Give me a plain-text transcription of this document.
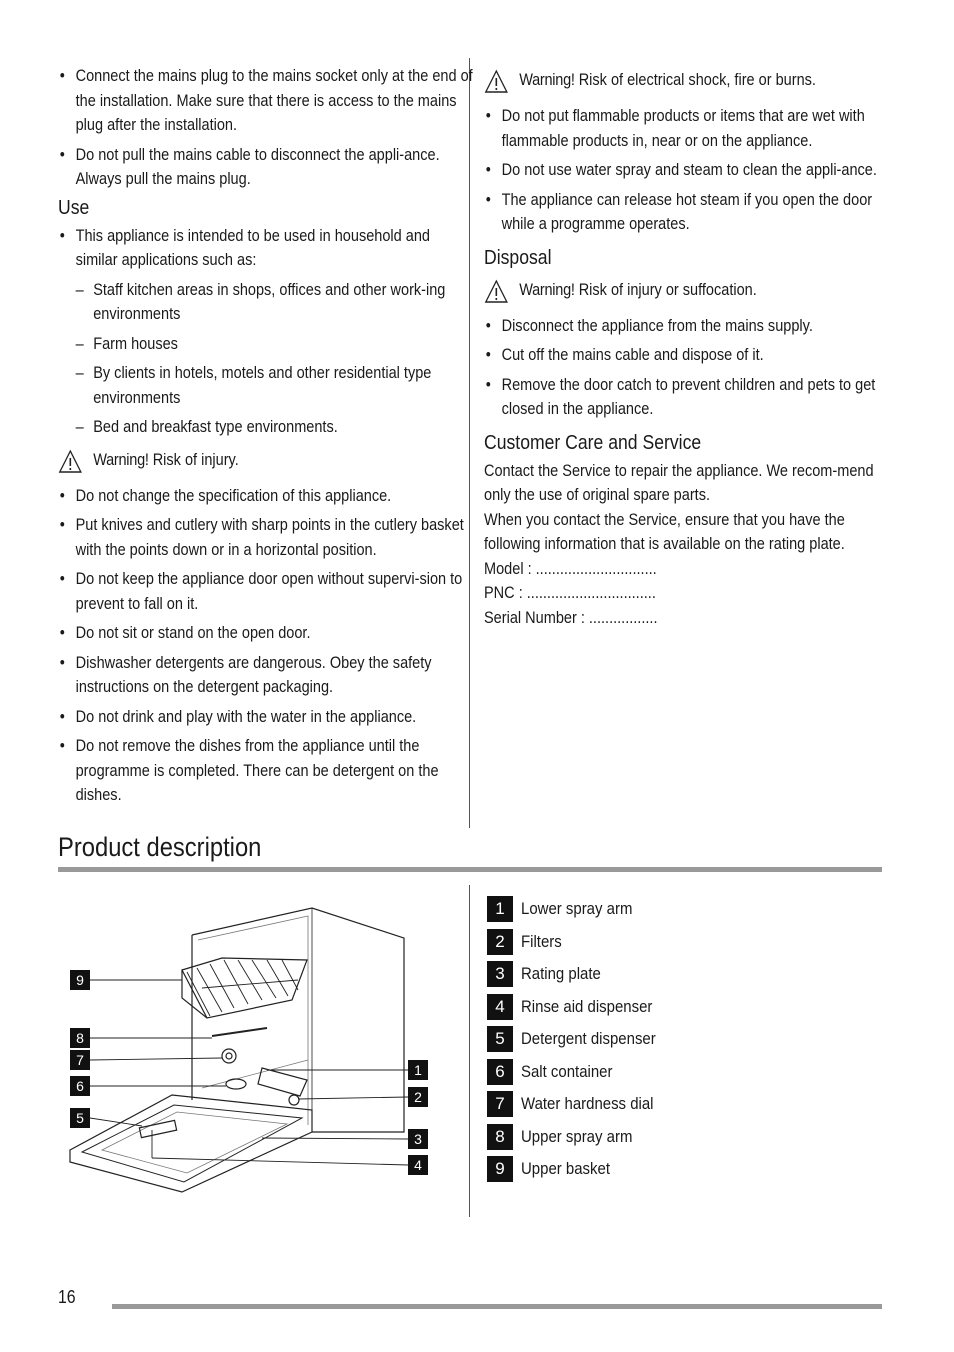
• Connect the mains plug to the mains socket only at the end of the installation. Make sure that there is access to the mains plug after the installation.
• Do not pull the mains cable to disconnect the appli-ance. Always pull the mains plug.
Use
• This appliance is intended to be used in household and similar applications such as:
– Staff kitchen areas in shops, offices and other work-ing environments
– Farm houses
– By clients in hotels, motels and other residential type environments
– Bed and breakfast type environments.
Warning! Risk of injury.
• Do not change the specification of this appliance.
• Put knives and cutlery with sharp points in the cutlery basket with the points down or in a horizontal position.
• Do not keep the appliance door open without supervi-sion to prevent to fall on it.
• Do not sit or stand on the open door.
• Dishwasher detergents are dangerous. Obey the safety instructions on the detergent packaging.
• Do not drink and play with the water in the appliance.
• Do not remove the dishes from the appliance until the programme is completed. There can be detergent on the dishes.
Warning! Risk of electrical shock, fire or burns.
• Do not put flammable products or items that are wet with flammable products in, near or on the appliance.
• Do not use water spray and steam to clean the appli-ance.
• The appliance can release hot steam if you open the door while a programme operates.
Disposal
Warning! Risk of injury or suffocation.
• Disconnect the appliance from the mains supply.
• Cut off the mains cable and dispose of it.
• Remove the door catch to prevent children and pets to get closed in the appliance.
Customer Care and Service
Contact the Service to repair the appliance. We recom-mend only the use of original spare parts.
When you contact the Service, ensure that you have the following information that is available on the rating plate.
Model : ..............................
PNC : ................................
Serial Number : .................
Product description
9
8
7
6
5
1
2
3
4
1 Lower spray arm
2 Filters
3 Rating plate
4 Rinse aid dispenser
5 Detergent dispenser
6 Salt container
7 Water hardness dial
8 Upper spray arm
9 Upper basket
16
